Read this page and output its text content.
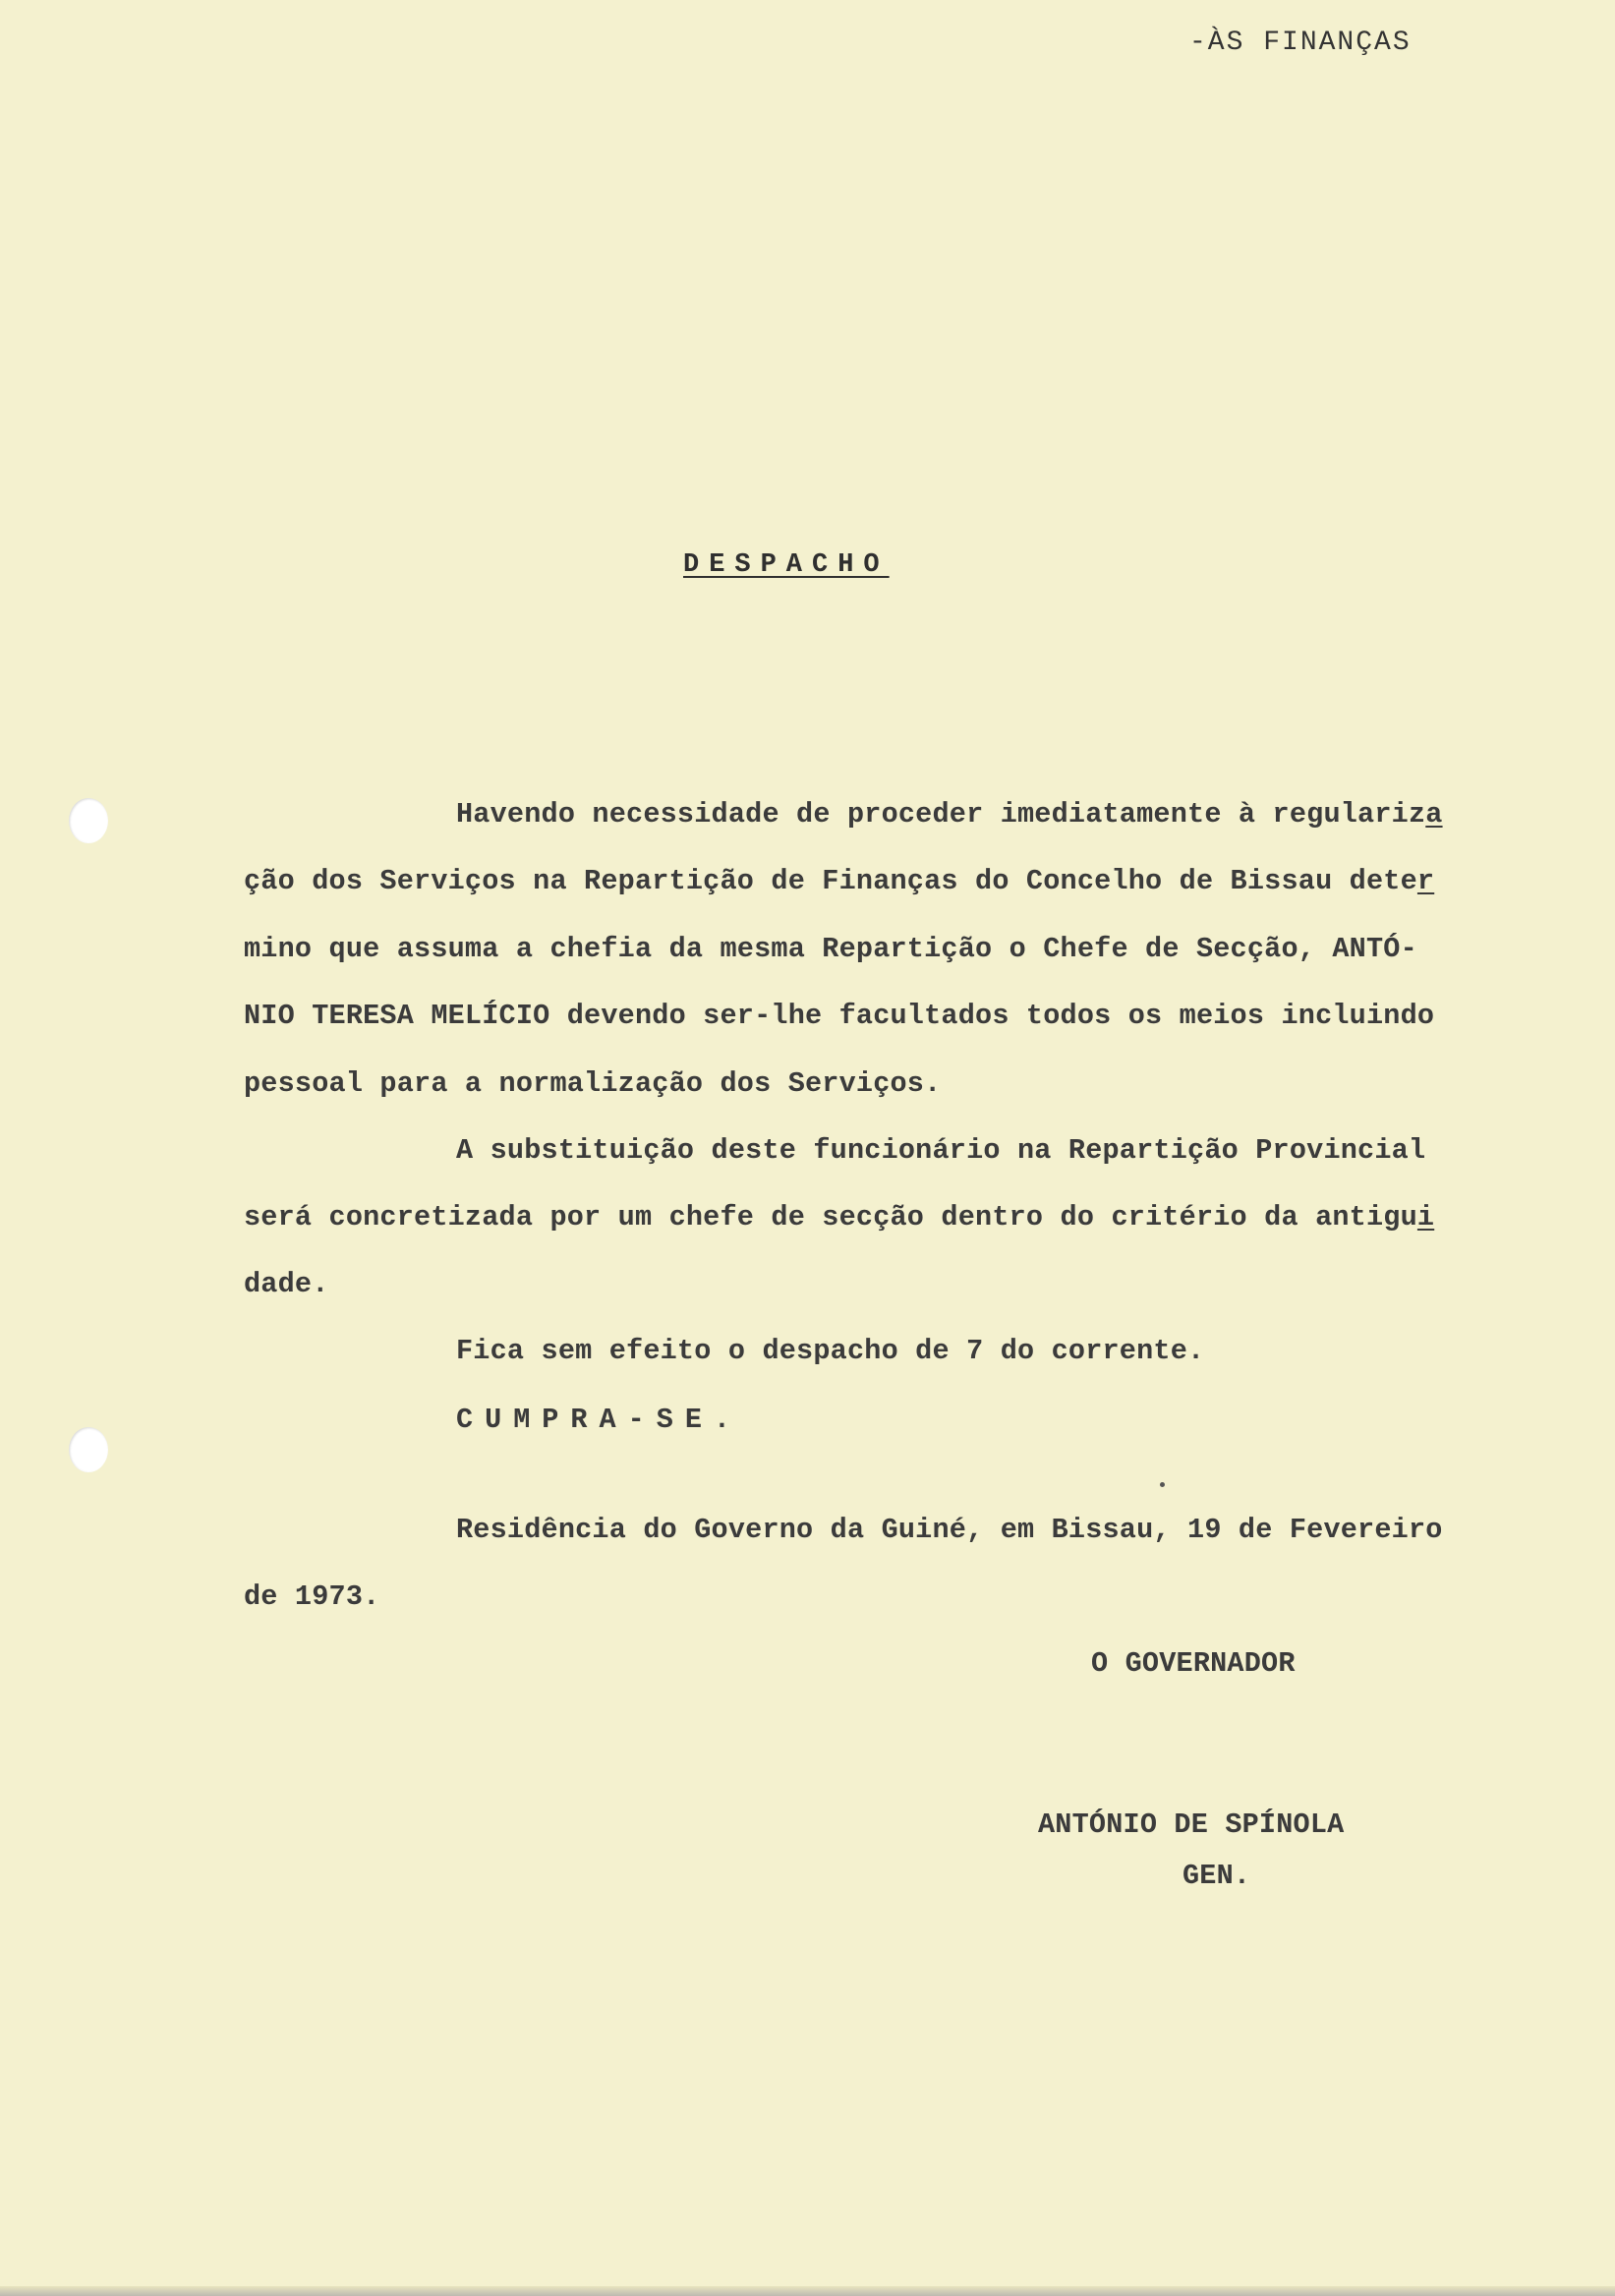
-ÀS FINANÇAS
DESPACHO
Havendo necessidade de proceder imediatamente à regulariza
ção dos Serviços na Repartição de Finanças do Concelho de Bissau deter
mino que assuma a chefia da mesma Repartição o Chefe de Secção, ANTÓ-
NIO TERESA MELÍCIO devendo ser-lhe facultados todos os meios incluindo
pessoal para a normalização dos Serviços.
A substituição deste funcionário na Repartição Provincial
será concretizada por um chefe de secção dentro do critério da antigui
dade.
Fica sem efeito o despacho de 7 do corrente.
CUMPRA-SE.
Residência do Governo da Guiné, em Bissau, 19 de Fevereiro
de 1973.
O GOVERNADOR
ANTÓNIO DE SPÍNOLA
GEN.
